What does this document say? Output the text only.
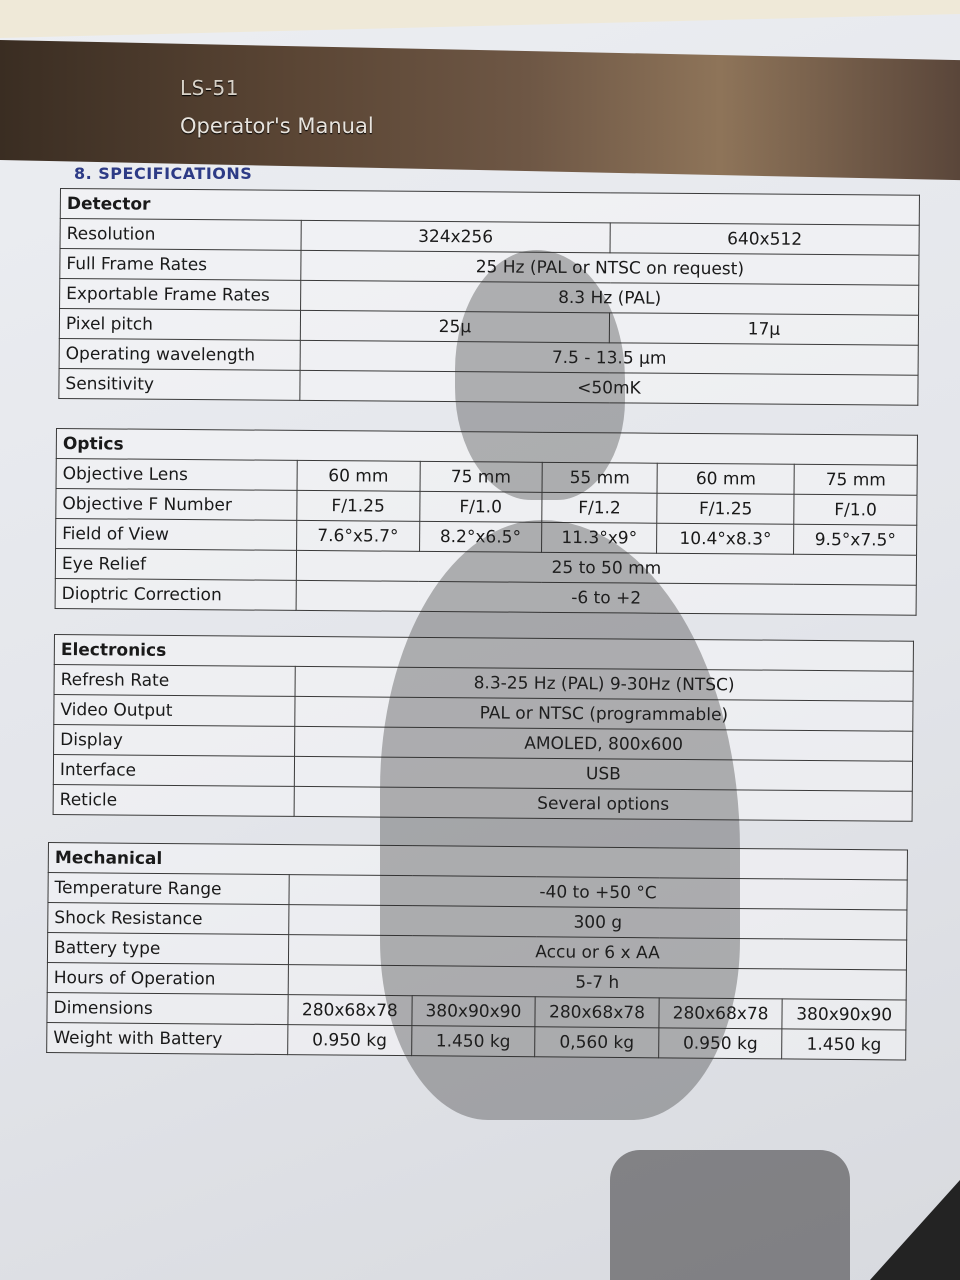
LS-51
Operator's Manual
8. SPECIFICATIONS
Detector		
Resolution	324x256	640x512
Full Frame Rates	25 Hz (PAL or NTSC on request)	
Exportable Frame Rates	8.3 Hz (PAL)	
Pixel pitch	25µ	17µ
Operating wavelength	7.5 - 13.5 µm	
Sensitivity	<50mK	
Optics					
Objective Lens	60 mm	75 mm	55 mm	60 mm	75 mm
Objective F Number	F/1.25	F/1.0	F/1.2	F/1.25	F/1.0
Field of View	7.6°x5.7°	8.2°x6.5°	11.3°x9°	10.4°x8.3°	9.5°x7.5°
Eye Relief	25 to 50 mm				
Dioptric Correction	-6 to +2				
Electronics	
Refresh Rate	8.3-25 Hz (PAL) 9-30Hz (NTSC)
Video Output	PAL or NTSC (programmable)
Display	AMOLED, 800x600
Interface	USB
Reticle	Several options
Mechanical					
Temperature Range	-40 to +50 °C				
Shock Resistance	300 g				
Battery type	Accu or 6 x AA				
Hours of Operation	5-7 h				
Dimensions	280x68x78	380x90x90	280x68x78	280x68x78	380x90x90
Weight with Battery	0.950 kg	1.450 kg	0,560 kg	0.950 kg	1.450 kg
